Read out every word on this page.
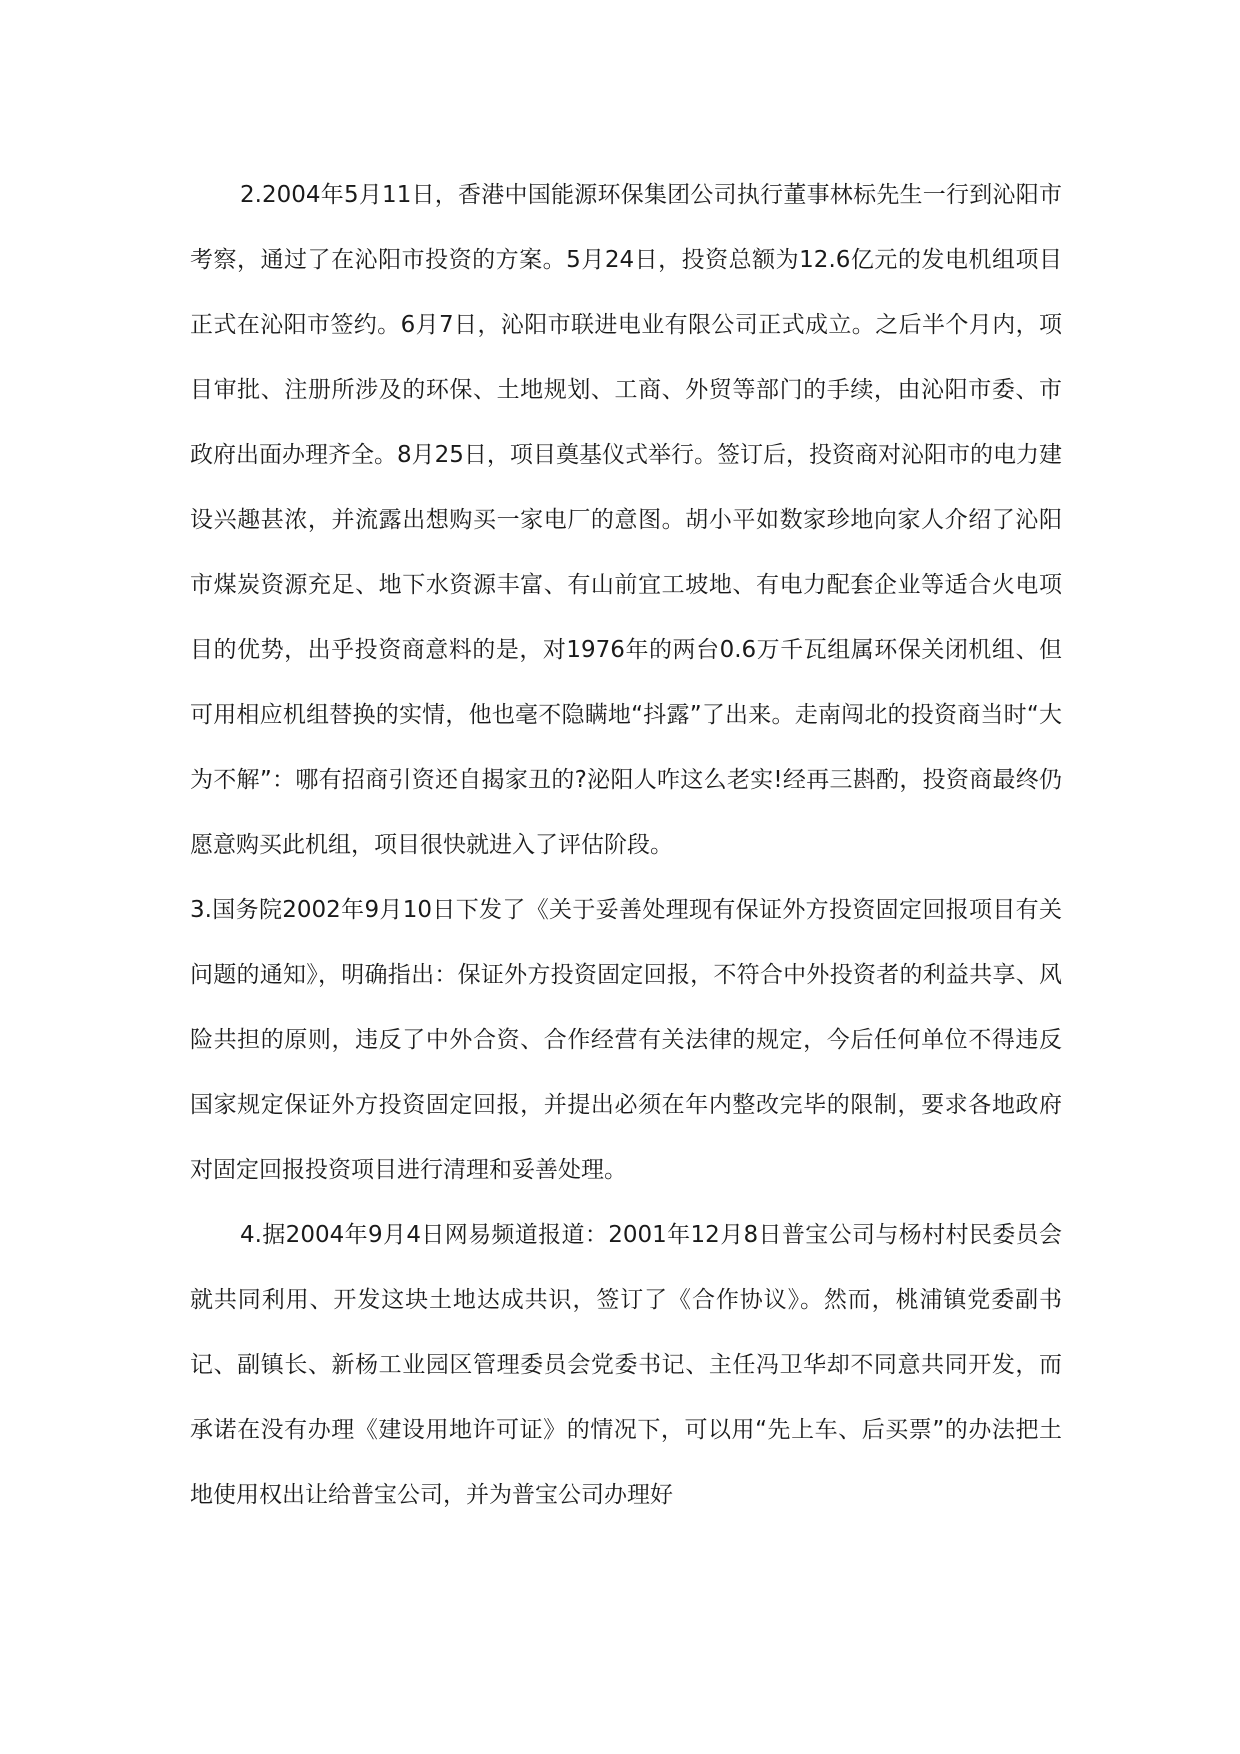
2.2004年5月11日，香港中国能源环保集团公司执行董事林标先生一行到沁阳市考察，通过了在沁阳市投资的方案。5月24日，投资总额为12.6亿元的发电机组项目正式在沁阳市签约。6月7日，沁阳市联进电业有限公司正式成立。之后半个月内，项目审批、注册所涉及的环保、土地规划、工商、外贸等部门的手续，由沁阳市委、市政府出面办理齐全。8月25日，项目奠基仪式举行。签订后，投资商对沁阳市的电力建设兴趣甚浓，并流露出想购买一家电厂的意图。胡小平如数家珍地向家人介绍了沁阳市煤炭资源充足、地下水资源丰富、有山前宜工坡地、有电力配套企业等适合火电项目的优势，出乎投资商意料的是，对1976年的两台0.6万千瓦组属环保关闭机组、但可用相应机组替换的实情，他也毫不隐瞒地“抖露”了出来。走南闯北的投资商当时“大为不解”：哪有招商引资还自揭家丑的?泌阳人咋这么老实!经再三斟酌，投资商最终仍愿意购买此机组，项目很快就进入了评估阶段。

3.国务院2002年9月10日下发了《关于妥善处理现有保证外方投资固定回报项目有关问题的通知》，明确指出：保证外方投资固定回报，不符合中外投资者的利益共享、风险共担的原则，违反了中外合资、合作经营有关法律的规定，今后任何单位不得违反国家规定保证外方投资固定回报，并提出必须在年内整改完毕的限制，要求各地政府对固定回报投资项目进行清理和妥善处理。

4.据2004年9月4日网易频道报道：2001年12月8日普宝公司与杨村村民委员会就共同利用、开发这块土地达成共识，签订了《合作协议》。然而，桃浦镇党委副书记、副镇长、新杨工业园区管理委员会党委书记、主任冯卫华却不同意共同开发，而承诺在没有办理《建设用地许可证》的情况下，可以用“先上车、后买票”的办法把土地使用权出让给普宝公司，并为普宝公司办理好
